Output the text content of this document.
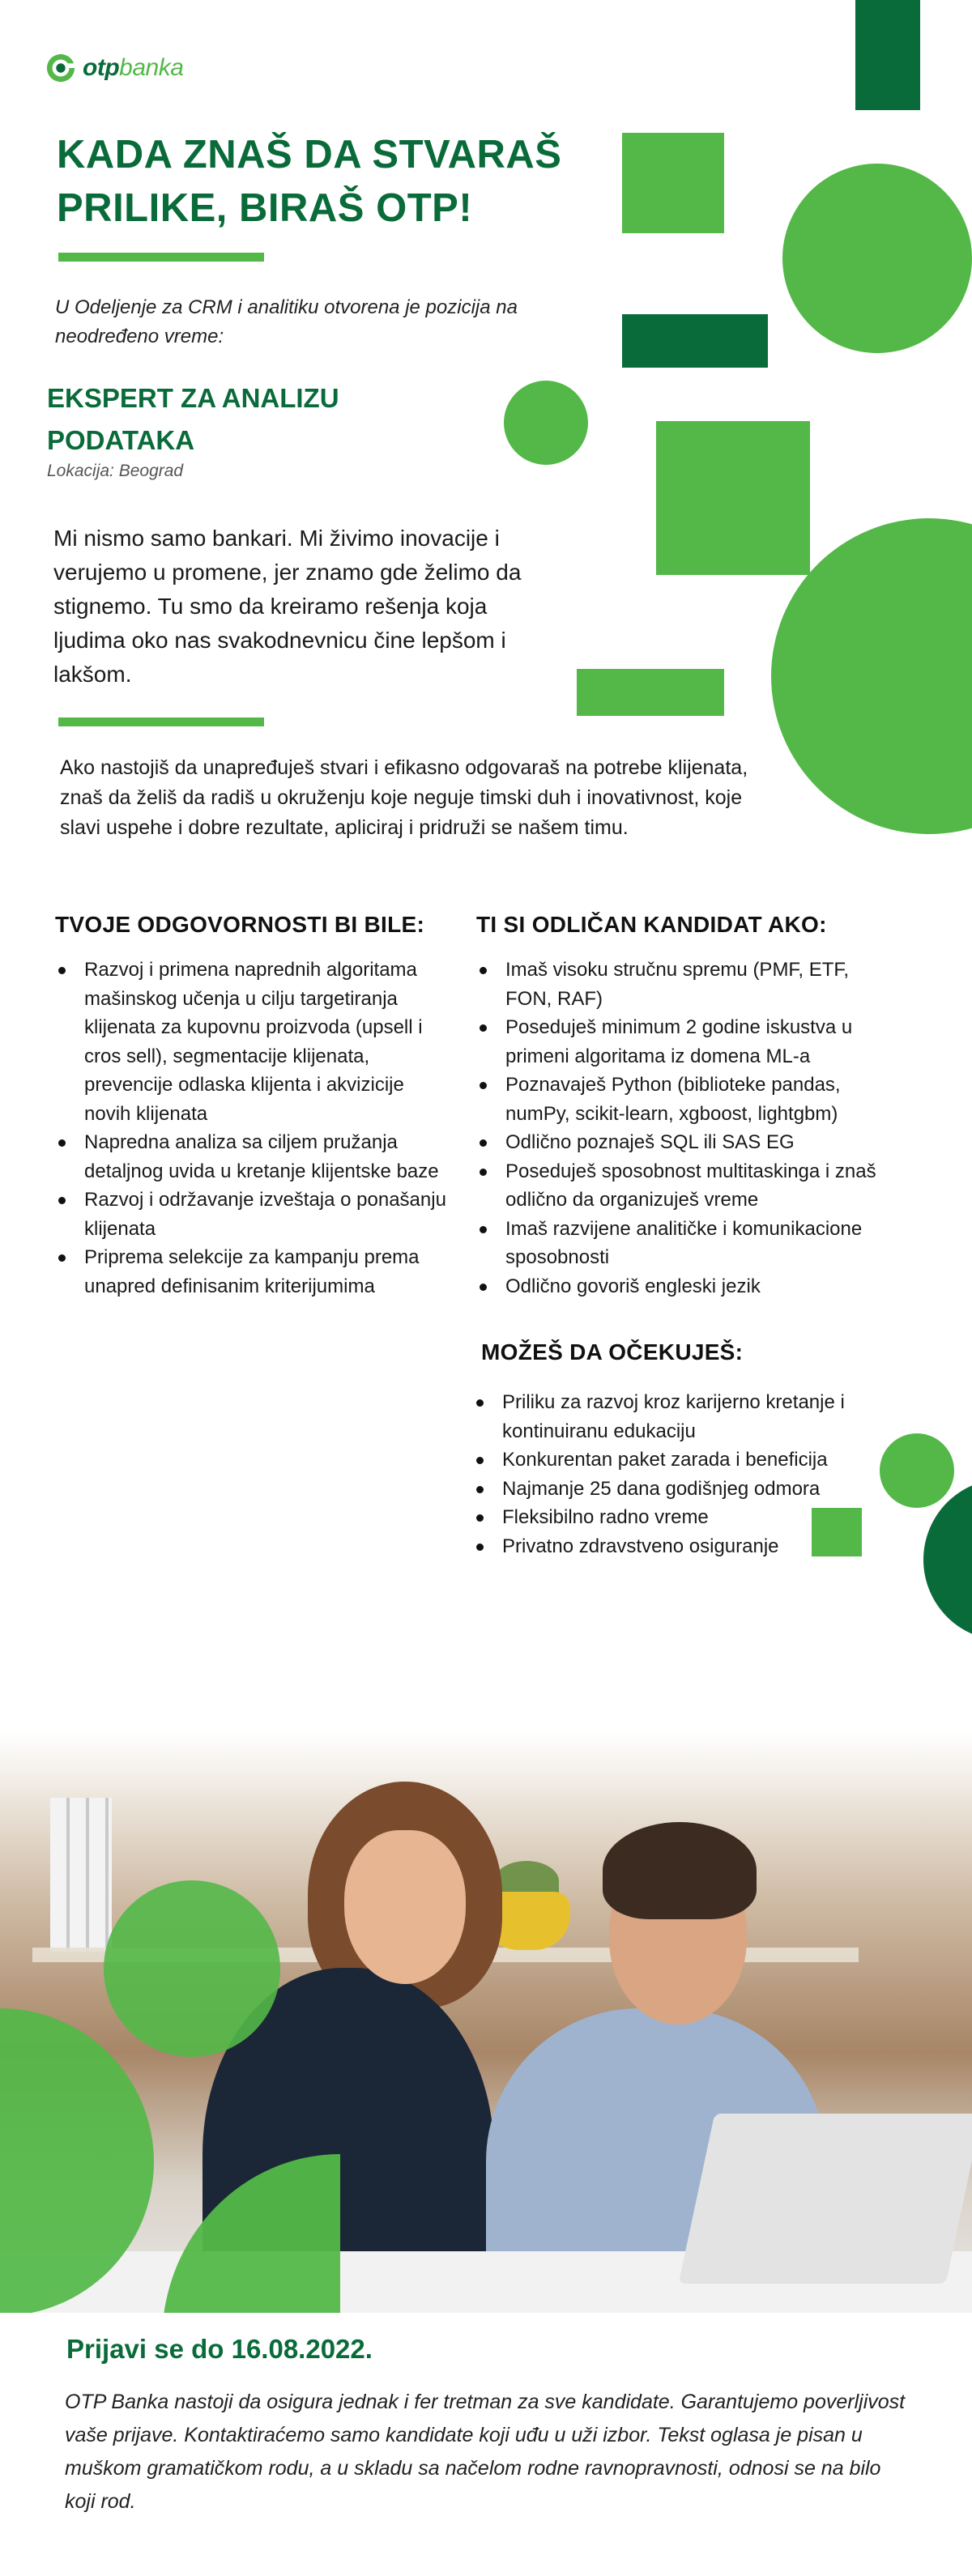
otpbanka
KADA ZNAŠ DA STVARAŠ PRILIKE, BIRAŠ OTP!
U Odeljenje za CRM i analitiku otvorena je pozicija na neodređeno vreme:
EKSPERT ZA ANALIZU PODATAKA
Lokacija: Beograd
Mi nismo samo bankari. Mi živimo inovacije i verujemo u promene, jer znamo gde želimo da stignemo. Tu smo da kreiramo rešenja koja ljudima oko nas svakodnevnicu čine lepšom i lakšom.
Ako nastojiš da unapređuješ stvari i efikasno odgovaraš na potrebe klijenata, znaš da želiš da radiš u okruženju koje neguje timski duh i inovativnost, koje slavi uspehe i dobre rezultate, apliciraj i pridruži se našem timu.
TVOJE ODGOVORNOSTI BI BILE:
Razvoj i primena naprednih algoritama mašinskog učenja u cilju targetiranja klijenata za kupovnu proizvoda (upsell i cros sell), segmentacije klijenata, prevencije odlaska klijenta i akvizicije novih klijenata
Napredna analiza sa ciljem pružanja detaljnog uvida u kretanje klijentske baze
Razvoj i održavanje izveštaja o ponašanju klijenata
Priprema selekcije za kampanju prema unapred definisanim kriterijumima
TI SI ODLIČAN KANDIDAT AKO:
Imaš visoku stručnu spremu (PMF, ETF, FON, RAF)
Poseduješ minimum 2 godine iskustva u primeni algoritama iz domena ML-a
Poznavaješ Python (biblioteke pandas, numPy, scikit-learn, xgboost, lightgbm)
Odlično poznaješ SQL ili SAS EG
Poseduješ sposobnost multitaskinga i znaš odlično da organizuješ vreme
Imaš razvijene analitičke i komunikacione sposobnosti
Odlično govoriš engleski jezik
MOŽEŠ DA OČEKUJEŠ:
Priliku za razvoj kroz karijerno kretanje i kontinuiranu edukaciju
Konkurentan paket zarada i beneficija
Najmanje 25 dana godišnjeg odmora
Fleksibilno radno vreme
Privatno zdravstveno osiguranje
Prijavi se do 16.08.2022.
OTP Banka nastoji da osigura jednak i fer tretman za sve kandidate. Garantujemo poverljivost vaše prijave. Kontaktiraćemo samo kandidate koji uđu u uži izbor. Tekst oglasa je pisan u muškom gramatičkom rodu, a u skladu sa načelom rodne ravnopravnosti, odnosi se na bilo koji rod.
